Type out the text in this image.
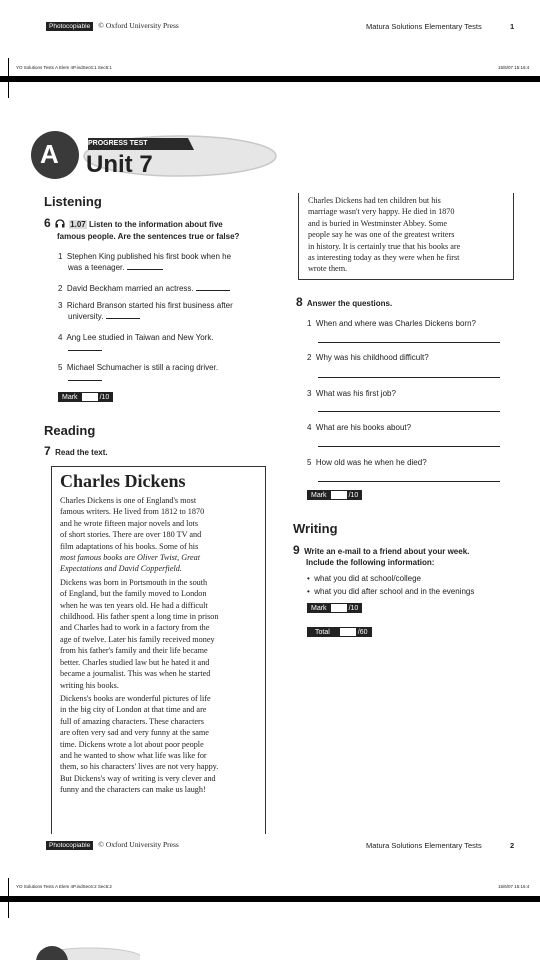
Photocopiable © Oxford University Press	Matura Solutions Elementary Tests	1
YO Solutions Tests A Elem 4P.indSec6:1 Sec6:1	15/6/07 15:16:4
A	PROGRESS TEST
Unit 7
Listening
6 1.07 Listen to the information about five
famous people. Are the sentences true or false?
1 Stephen King published his first book when he
was a teenager.
2 David Beckham married an actress.
3 Richard Branson started his first business after
university.
4 Ang Lee studied in Taiwan and New York.

5 Michael Schumacher is still a racing driver.

Mark	/10
Reading
7 Read the text.
Charles Dickens
Charles Dickens is one of England's most
famous writers. He lived from 1812 to 1870
and he wrote fifteen major novels and lots
of short stories. There are over 180 TV and
film adaptations of his books. Some of his
most famous books are Oliver Twist, Great
Expectations and David Copperfield.
Dickens was born in Portsmouth in the south
of England, but the family moved to London
when he was ten years old. He had a difficult
childhood. His father spent a long time in prison
and Charles had to work in a factory from the
age of twelve. Later his family received money
from his father's family and their life became
better. Charles studied law but he hated it and
became a journalist. This was when he started
writing his books.
Dickens's books are wonderful pictures of life
in the big city of London at that time and are
full of amazing characters. These characters
are often very sad and very funny at the same
time. Dickens wrote a lot about poor people
and he wanted to show what life was like for
them, so his characters' lives are not very happy.
But Dickens's way of writing is very clever and
funny and the characters can make us laugh!
Charles Dickens had ten children but his
marriage wasn't very happy. He died in 1870
and is buried in Westminster Abbey. Some
people say he was one of the greatest writers
in history. It is certainly true that his books are
as interesting today as they were when he first
wrote them.
8 Answer the questions.
1 When and where was Charles Dickens born?
2 Why was his childhood difficult?
3 What was his first job?
4 What are his books about?
5 How old was he when he died?
Mark	/10
Writing
9 Write an e-mail to a friend about your week.
Include the following information:
•  what you did at school/college
•  what you did after school and in the evenings
Mark	/10
Total	/60
Photocopiable © Oxford University Press	Matura Solutions Elementary Tests	2
YO Solutions Tests A Elem 4P.indSec6:2 Sec6:2	15/6/07 15:16:4
